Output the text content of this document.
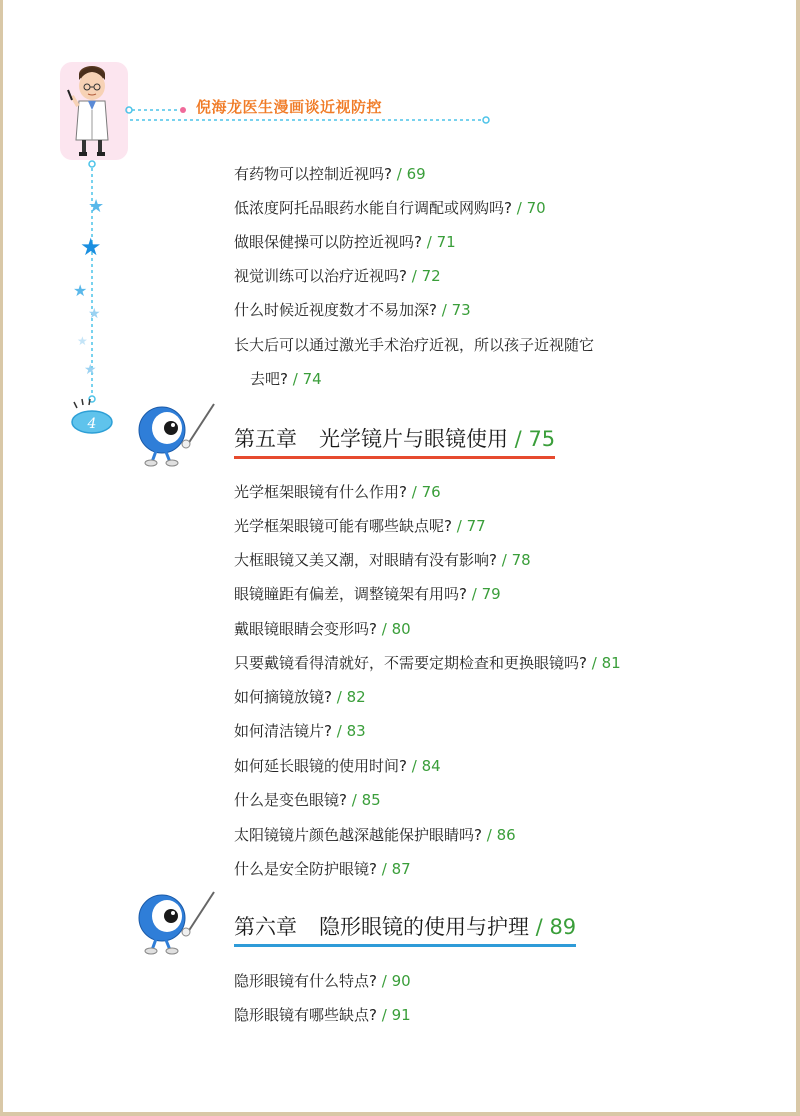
★
★
★
★
★
★
4
倪海龙医生漫画谈近视防控
有药物可以控制近视吗? / 69
低浓度阿托品眼药水能自行调配或网购吗? / 70
做眼保健操可以防控近视吗? / 71
视觉训练可以治疗近视吗? / 72
什么时候近视度数才不易加深? / 73
长大后可以通过激光手术治疗近视，所以孩子近视随它
去吧? / 74
第五章 光学镜片与眼镜使用 / 75
光学框架眼镜有什么作用? / 76
光学框架眼镜可能有哪些缺点呢? / 77
大框眼镜又美又潮，对眼睛有没有影响? / 78
眼镜瞳距有偏差，调整镜架有用吗? / 79
戴眼镜眼睛会变形吗? / 80
只要戴镜看得清就好，不需要定期检查和更换眼镜吗? / 81
如何摘镜放镜? / 82
如何清洁镜片? / 83
如何延长眼镜的使用时间? / 84
什么是变色眼镜? / 85
太阳镜镜片颜色越深越能保护眼睛吗? / 86
什么是安全防护眼镜? / 87
第六章 隐形眼镜的使用与护理 / 89
隐形眼镜有什么特点? / 90
隐形眼镜有哪些缺点? / 91
